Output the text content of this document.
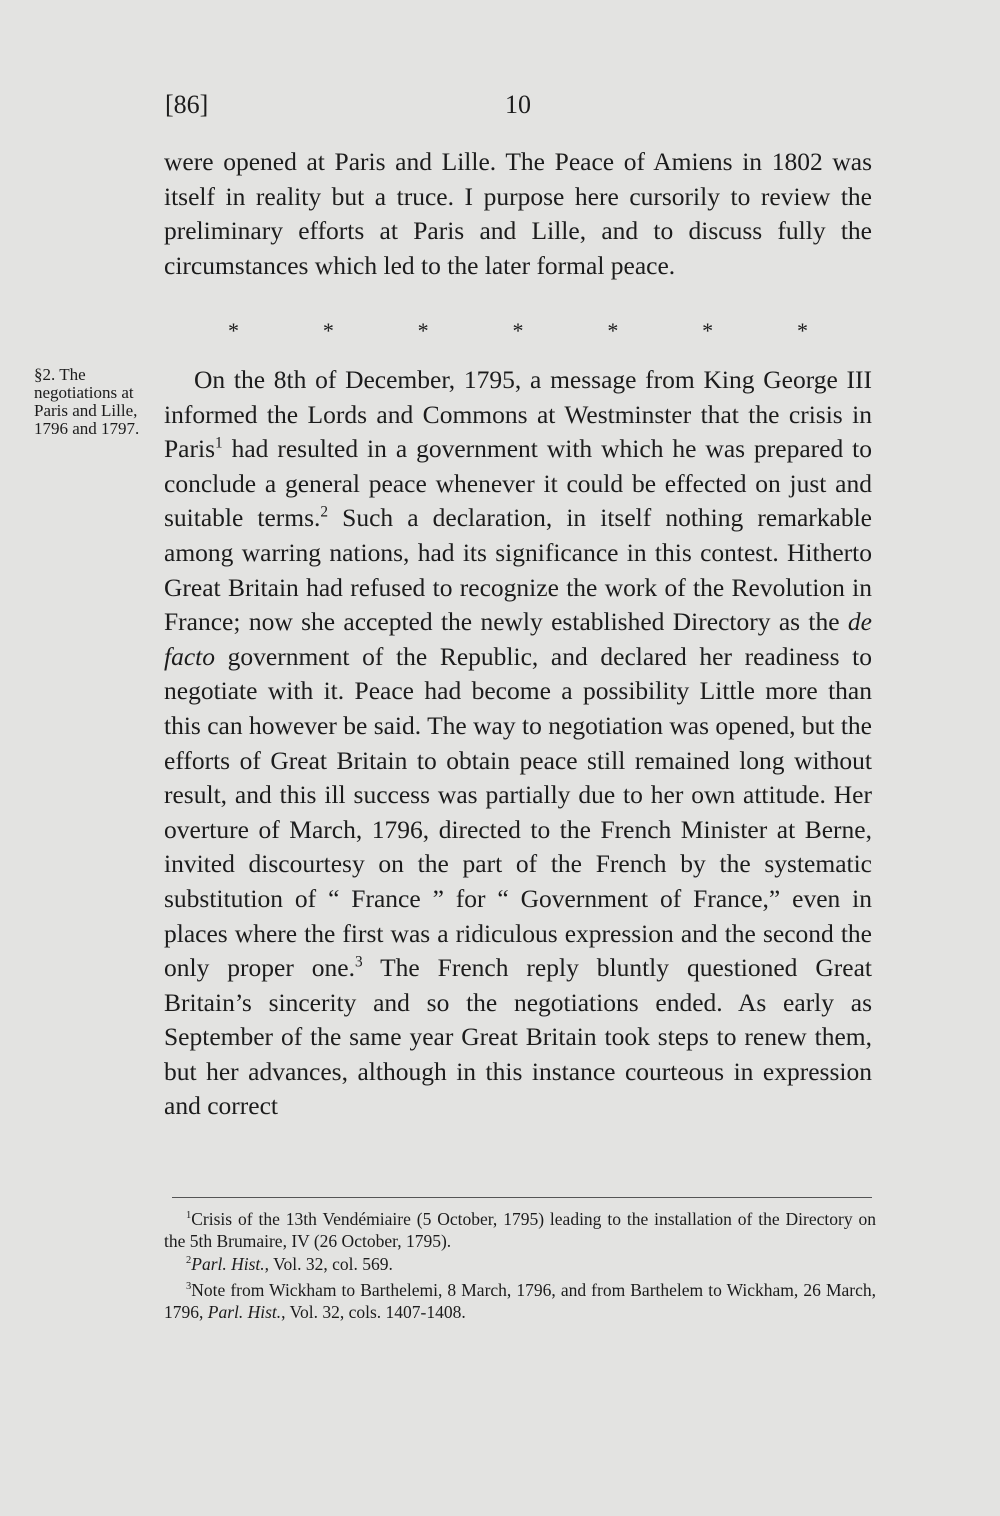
[86]	10

were opened at Paris and Lille. The Peace of Amiens in 1802 was itself in reality but a truce. I purpose here cursorily to review the preliminary efforts at Paris and Lille, and to discuss fully the circumstances which led to the later formal peace.

*	*	*	*	*	*	*
§2. The negotiations at Paris and Lille, 1796 and 1797.

On the 8th of December, 1795, a message from King George III informed the Lords and Commons at Westminster that the crisis in Paris$^1$ had resulted in a government with which he was prepared to conclude a general peace whenever it could be effected on just and suitable terms.$^2$ Such a declaration, in itself nothing remarkable among warring nations, had its significance in this contest. Hitherto Great Britain had refused to recognize the work of the Revolution in France; now she accepted the newly established Directory as the de facto government of the Republic, and declared her readiness to negotiate with it. Peace had become a possibility Little more than this can however be said. The way to negotiation was opened, but the efforts of Great Britain to obtain peace still remained long without result, and this ill success was partially due to her own attitude. Her overture of March, 1796, directed to the French Minister at Berne, invited discourtesy on the part of the French by the systematic substitution of “ France ” for “ Government of France,” even in places where the first was a ridiculous expression and the second the only proper one.$^3$ The French reply bluntly questioned Great Britain’s sincerity and so the negotiations ended. As early as September of the same year Great Britain took steps to renew them, but her advances, although in this instance courteous in expression and correct

$^1$Crisis of the 13th Vendémiaire (5 October, 1795) leading to the installation of the Directory on the 5th Brumaire, IV (26 October, 1795).

$^2$Parl. Hist., Vol. 32, col. 569.

$^3$Note from Wickham to Barthelemi, 8 March, 1796, and from Barthelem to Wickham, 26 March, 1796, Parl. Hist., Vol. 32, cols. 1407-1408.
